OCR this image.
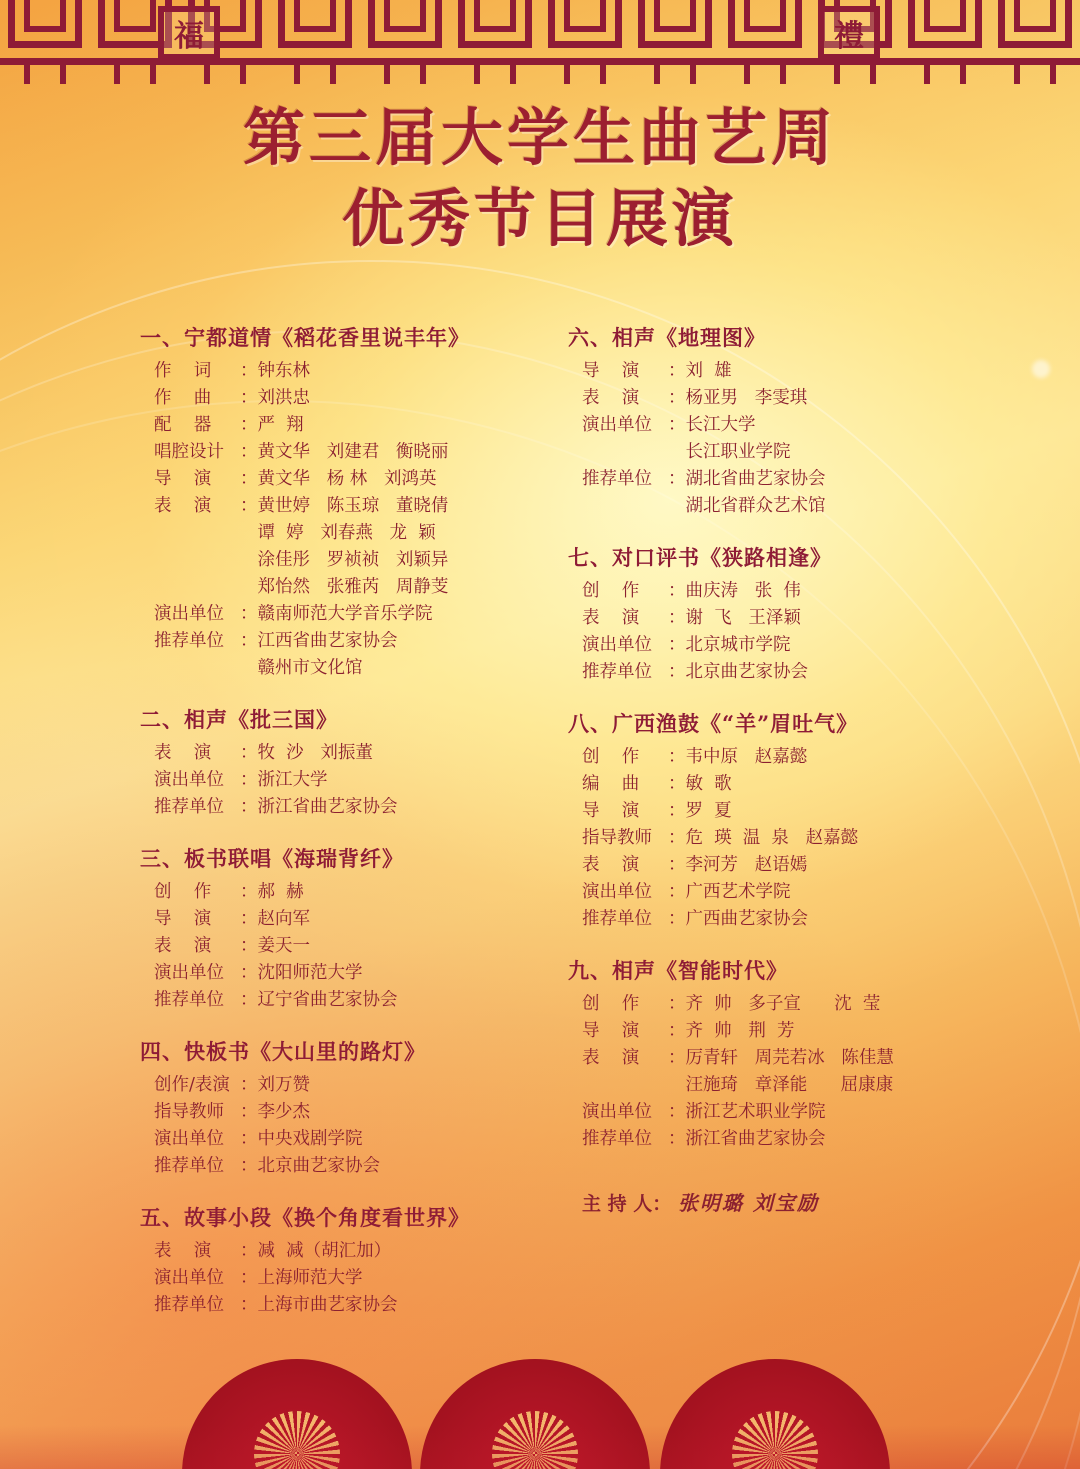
福	禮
第三届大学生曲艺周
优秀节目展演
一、宁都道情《稻花香里说丰年》
作    词	： 钟东林
作    曲	： 刘洪忠
配    器	： 严  翔
唱腔设计 ： 黄文华   刘建君   衡晓丽
导    演	： 黄文华   杨 林   刘鸿英
表    演	： 黄世婷   陈玉琼   董晓倩
谭  婷   刘春燕   龙  颖
涂佳彤   罗祯祯   刘颖异
郑怡然   张雅芮   周静芰
演出单位 ： 赣南师范大学音乐学院
推荐单位 ： 江西省曲艺家协会
赣州市文化馆
二、相声《批三国》
表    演	： 牧  沙   刘振董
演出单位 ： 浙江大学
推荐单位 ： 浙江省曲艺家协会
三、板书联唱《海瑞背纤》
创    作	： 郝  赫
导    演	： 赵向军
表    演	： 姜天一
演出单位 ： 沈阳师范大学
推荐单位 ： 辽宁省曲艺家协会
四、快板书《大山里的路灯》
创作/表演 ： 刘万赞
指导教师 ： 李少杰
演出单位 ： 中央戏剧学院
推荐单位 ： 北京曲艺家协会
五、故事小段《换个角度看世界》
表    演	： 减  减（胡汇加）
演出单位 ： 上海师范大学
推荐单位 ： 上海市曲艺家协会
六、相声《地理图》
导    演	： 刘  雄
表    演	： 杨亚男   李雯琪
演出单位 ： 长江大学
长江职业学院
推荐单位 ： 湖北省曲艺家协会
湖北省群众艺术馆
七、对口评书《狭路相逢》
创    作	： 曲庆涛   张  伟
表    演	： 谢  飞   王泽颖
演出单位 ： 北京城市学院
推荐单位 ： 北京曲艺家协会
八、广西渔鼓《“羊”眉吐气》
创    作	： 韦中原   赵嘉懿
编    曲	： 敏  歌
导    演	： 罗  夏
指导教师 ： 危  瑛  温  泉   赵嘉懿
表    演	： 李河芳   赵语嫣
演出单位 ： 广西艺术学院
推荐单位 ： 广西曲艺家协会
九、相声《智能时代》
创    作	： 齐  帅   多子宣      沈  莹
导    演	： 齐  帅   荆  芳
表    演	： 厉青轩   周芫若冰   陈佳慧
汪施琦   章泽能      屈康康
演出单位 ： 浙江艺术职业学院
推荐单位 ： 浙江省曲艺家协会
主 持 人： 张明璐 刘宝励
